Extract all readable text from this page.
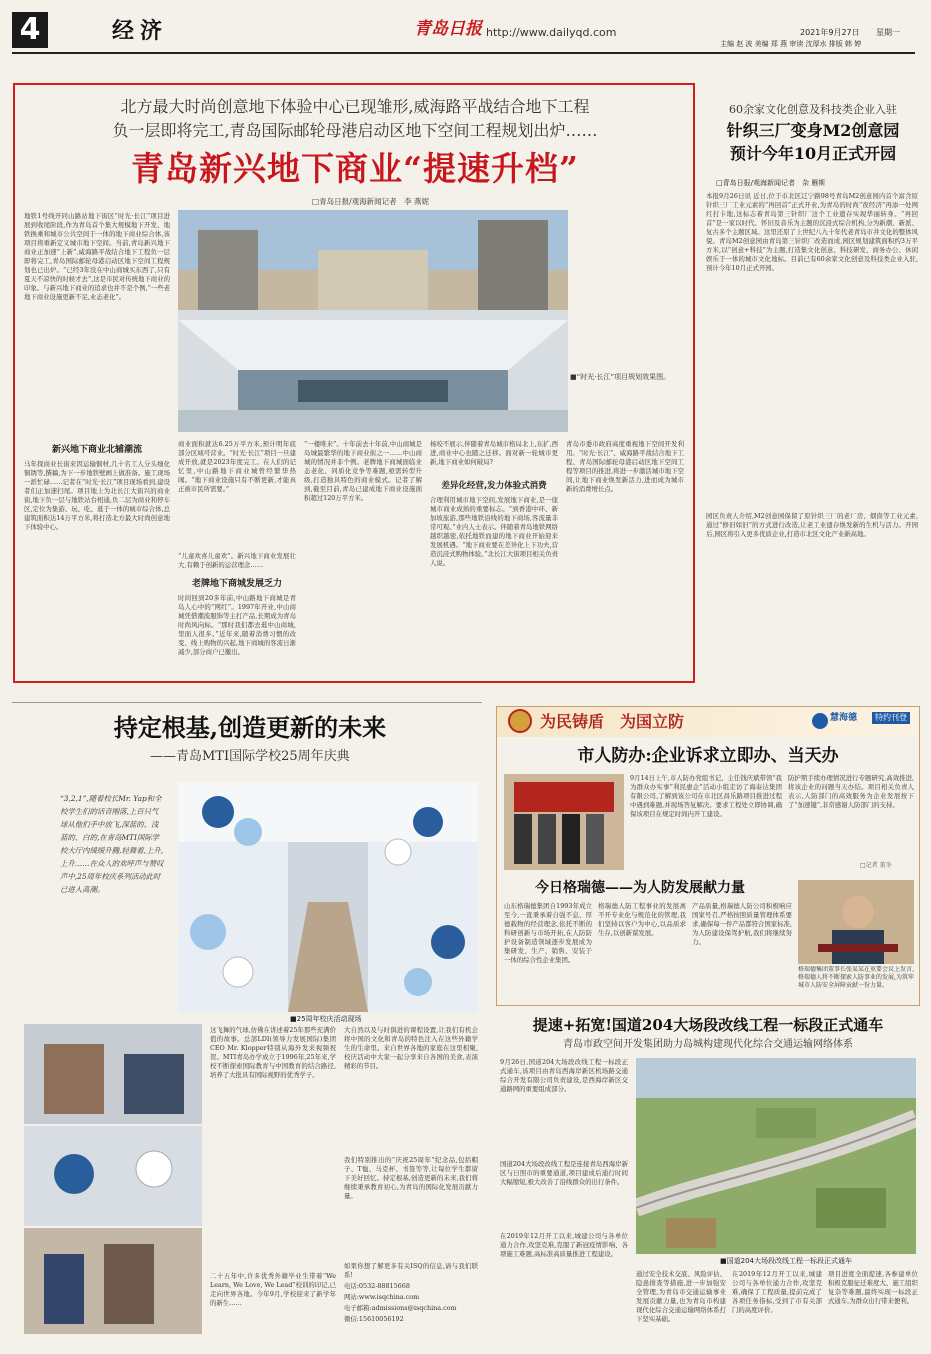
4	经济	青岛日报 http://www.dailyqd.com	2021年9月27日 星期一
主编 赵 波 美编 郑 燕 审读 沈厚水 排版 韩 婷
北方最大时尚创意地下体验中心已现雏形,威海路平战结合地下工程
负一层即将完工,青岛国际邮轮母港启动区地下空间工程规划出炉……
青岛新兴地下商业“提速升档”
□青岛日报/观海新闻记者　李 燕妮
地铁1号线开同山路站地下街区“时光·长江”项目进展到收尾阶段,作为青岛首个集大规模地下开发、地铁换乘和城市公共空间于一体的地下商业综合体,该项目将重新定义城市地下空间。当前,青岛新兴地下商业正加速“上新”,威海路平战结合地下工程负一层即将完工,青岛国际邮轮母港启动区地下空间工程规划也已出炉。“已经3年没在中山商城买东西了,只有夏天不凉快的时候才去”,这是市民对传统地下商业的印象。与新兴地下商业的追求也并不是个例,“一些老地下商业设施更新不足,业态老化”。
新兴地下商业北辅潮流
马年探商业长街来因运输铜材,几十名工人分头细化铜锈等,撰稿,为下一步地铁壁画上做准备。施工现场一派忙碌……记者在“时光·长江”项目现场看到,建设者们正加速扫尾。项目地上为北长江大街兴的商业街,地下负一层与地铁站台相通,负二层为商业和停车区,定位为集游、玩、吃、逛于一体的城市综合体,总建筑面积达14万平方米,将打造北方最大时尚创意地下体验中心。
■“时光·长江”项目规划效果图。
商业面积就达6.25万平方米,预计明年底部分区域可营业。“时光·长江”项目一旦建成开放,就是2023年度完工。在人们的记忆里,中山路地下商业城曾经繁华热闹。“地下商业设施只有不断更新,才能真正被市民所需要。”
“儿童欢喜儿童欢”。新兴地下商业发展壮大,有赖于创新的运营理念……
老牌地下商城发展乏力
时间回到20多年前,中山路地下商城是青岛人心中的“网红”。1997年开业,中山商城凭借潮流服饰等主打产品,长期成为青岛时尚风向标。“那时我们都去逛中山商城,里面人很多。”近年来,随着消费习惯的改变、线上购物的兴起,地下商城的客流日渐减少,部分商户已撤出。
“一楼唯来”。十年前去十年前,中山商城是岛城最繁华的地下商业街之一……中山商城的情况并非个例。老牌地下商城面临业态老化、同质化竞争等难题,亟需转型升级,打造独具特色的商业模式。记者了解到,截至目前,青岛已建成地下商业设施面积超过120万平方米。
杨咬不展示,伴随着青岛城市格局北上,东扩,西进,商业中心也随之迁移。面对新一轮城市更新,地下商业如何破局?
差异化经营,发力体验式消费
合理利用城市地下空间,发展地下商业,是一座城市商业成熟的重要标志。“到香港中环、新加坡旅游,那些地铁沿线的地下商场,客流量非常可观。”业内人士表示。伴随着青岛地铁网络越织越密,依托地铁而建的地下商业开始迎来发展机遇。“地下商业要在差异化上下功夫,营造沉浸式购物体验。”北长江大街项目相关负责人说。
青岛市委市政府高度重视地下空间开发利用。“时光·长江”、威海路平战结合地下工程、青岛国际邮轮母港启动区地下空间工程等项目的推进,将进一步激活城市地下空间,让地下商业焕发新活力,进而成为城市新的消费增长点。
60余家文化创意及科技类企业入驻
针织三厂变身M2创意园
预计今年10月正式开园
□青岛日报/观海新闻记者　杂 雁斯
本报9月26日讯 近日,位于市北区辽宁路98号青岛M2创意园内首个富含原针织三厂工业元素的“再回首”正式开业,为青岛的时尚“夜经济”再添一处网红打卡地,这标志着青岛第三针织厂这个工业遗存实现华丽转身。“再回首”是一家以时代、怀旧及音乐为主题的沉浸式综合机构,分为新潮、新派、复古多个主题区域。这里还原了上世纪八九十年代老青岛市井文化的整体风貌。青岛M2创意园由青岛第三针织厂改造而成,园区规划建筑面积约3万平方米,以“创意+科技”为主题,打造集文化创意、科技研发、商务办公、休闲娱乐于一体的城市文化地标。目前已有60余家文化创意及科技类企业入驻,预计今年10月正式开园。
园区负责人介绍,M2创意园保留了原针织三厂的老厂房、烟囱等工业元素,通过“修旧如旧”的方式进行改造,让老工业遗存焕发新的生机与活力。开园后,园区将引入更多优质企业,打造市北区文化产业新高地。
持定根基,创造更新的未来
——青岛MTI国际学校25周年庆典
“3,2,1”,随着校长Mr. Yap和全校学生们的话音刚落,上百只气球从他们手中放飞,深蓝的、浅蓝的、白的,在青岛MTI国际学校大厅内缓缓升腾,轻舞着,上升,上升……在众人的欢呼声与赞叹声中,25周年校庆系列活动此时已进入高潮。
■25周年校庆活动现场
这飞舞的气球,仿佛在讲述着25年那些充满价值的故事。总部LDI(领导力发展国际)集团CEO Mr. Klopper特别从海外发来视频祝贺。MTI青岛办学成立于1996年,25年来,学校不断探索国际教育与中国教育的结合路径,培养了大批具有国际视野的优秀学子。
二十五年中,许多优秀外籍毕业生带着“We Learn, We Love, We Lead”校训的印记,已走向世界各地。今年9月,学校迎来了新学年的新生……
大自然以及与时俱进的课程设置,让我们有机会将中国的文化和青岛的特色注入在这些外籍学生的生命里。来自世界各地的家庭在这里相聚,校庆活动中大家一起分享来自各国的美食,表演精彩的节目。
我们特别推出的“庆祝25周年”纪念品,包括帽子、T恤、马克杯、书签等等,让每位学生都留下美好回忆。持定根基,创造更新的未来,我们将继续秉承教育初心,为青岛的国际化发展贡献力量。
如果你想了解更多有关ISQ的信息,请与我们联系!
电话:0532-88815668
网站:www.isqchina.com
电子邮箱:admissions@isqchina.com
微信:15610056192
为民铸盾 为国立防	慧海德	特约刊登
市人防办:企业诉求立即办、当天办
9月14日上午,市人防办党组书记、主任钱庆斌带领“我为群众办实事”利民惠企”活动小组走访了海泰达集团有限公司,了解到该公司在市北区昌乐路项目推进过程中遇到难题,并现场答复解决。要求工程处立即协调,确保该项目在规定时间内开工建设。
防护期手续办理情况进行专题研究,高效推进,将该企业的问题当天办结。项目相关负责人表示,人防部门的高效服务为企业发展按下了“加速键”,非常感谢人防部门的支持。
□记者 董冬
今日格瑞德——为人防发展献力量
山东格瑞德集团自1993年成立至今,一直秉承着自强不息、厚德载物的经营理念,依托不断的科研创新与市场开拓,在人防防护设备制造领域逐步发展成为集研发、生产、销售、安装于一体的综合性企业集团。
格瑞德人防工程事业的发展离不开专业化与规范化的管理,我们坚持以客户为中心,以品质求生存,以创新谋发展。
产品质量,格瑞德人防公司积极响应国家号召,严格按照质量管理体系要求,确保每一件产品都符合国家标准,为人防建设保驾护航,我们将继续努力。
格瑞德集团董事长张某某在重要会议上发言,格瑞德人将不断探索人防事业的发展,为筑牢城市人防安全屏障贡献一份力量。
提速+拓宽!国道204大场段改线工程一标段正式通车
青岛市政空间开发集团助力岛城构建现代化综合交通运输网络体系
9月26日,国道204大场段改线工程一标段正式通车,该项目由青岛西海岸新区机场路交通综合开发有限公司负责建设,是西海岸新区交通路网的重要组成部分。
国道204大场段改线工程是连接青岛西海岸新区与日照市的重要通道,项目建成后通行时间大幅缩短,极大改善了沿线群众的出行条件。
在2019年12月开工以来,城建公司与各单位通力合作,攻坚克难,克服了新冠疫情影响、各项施工难题,高标准高质量推进工程建设。
■国道204大场段改线工程一标段正式通车
通过安全技术交底、风险评估、隐患排查等措施,进一步加强安全管理,为青岛市交通运输事业发展贡献力量,也为青岛市构建现代化综合交通运输网络体系打下坚实基础。
在2019年12月开工以来,城建公司与各单位通力合作,攻坚克难,确保了工程质量,提前完成了各项任务指标,受到了市有关部门的高度评价。
项目进度全面提速,各参建单位积极克服征迁难度大、施工组织复杂等难题,最终实现一标段正式通车,为群众出行带来便利。
